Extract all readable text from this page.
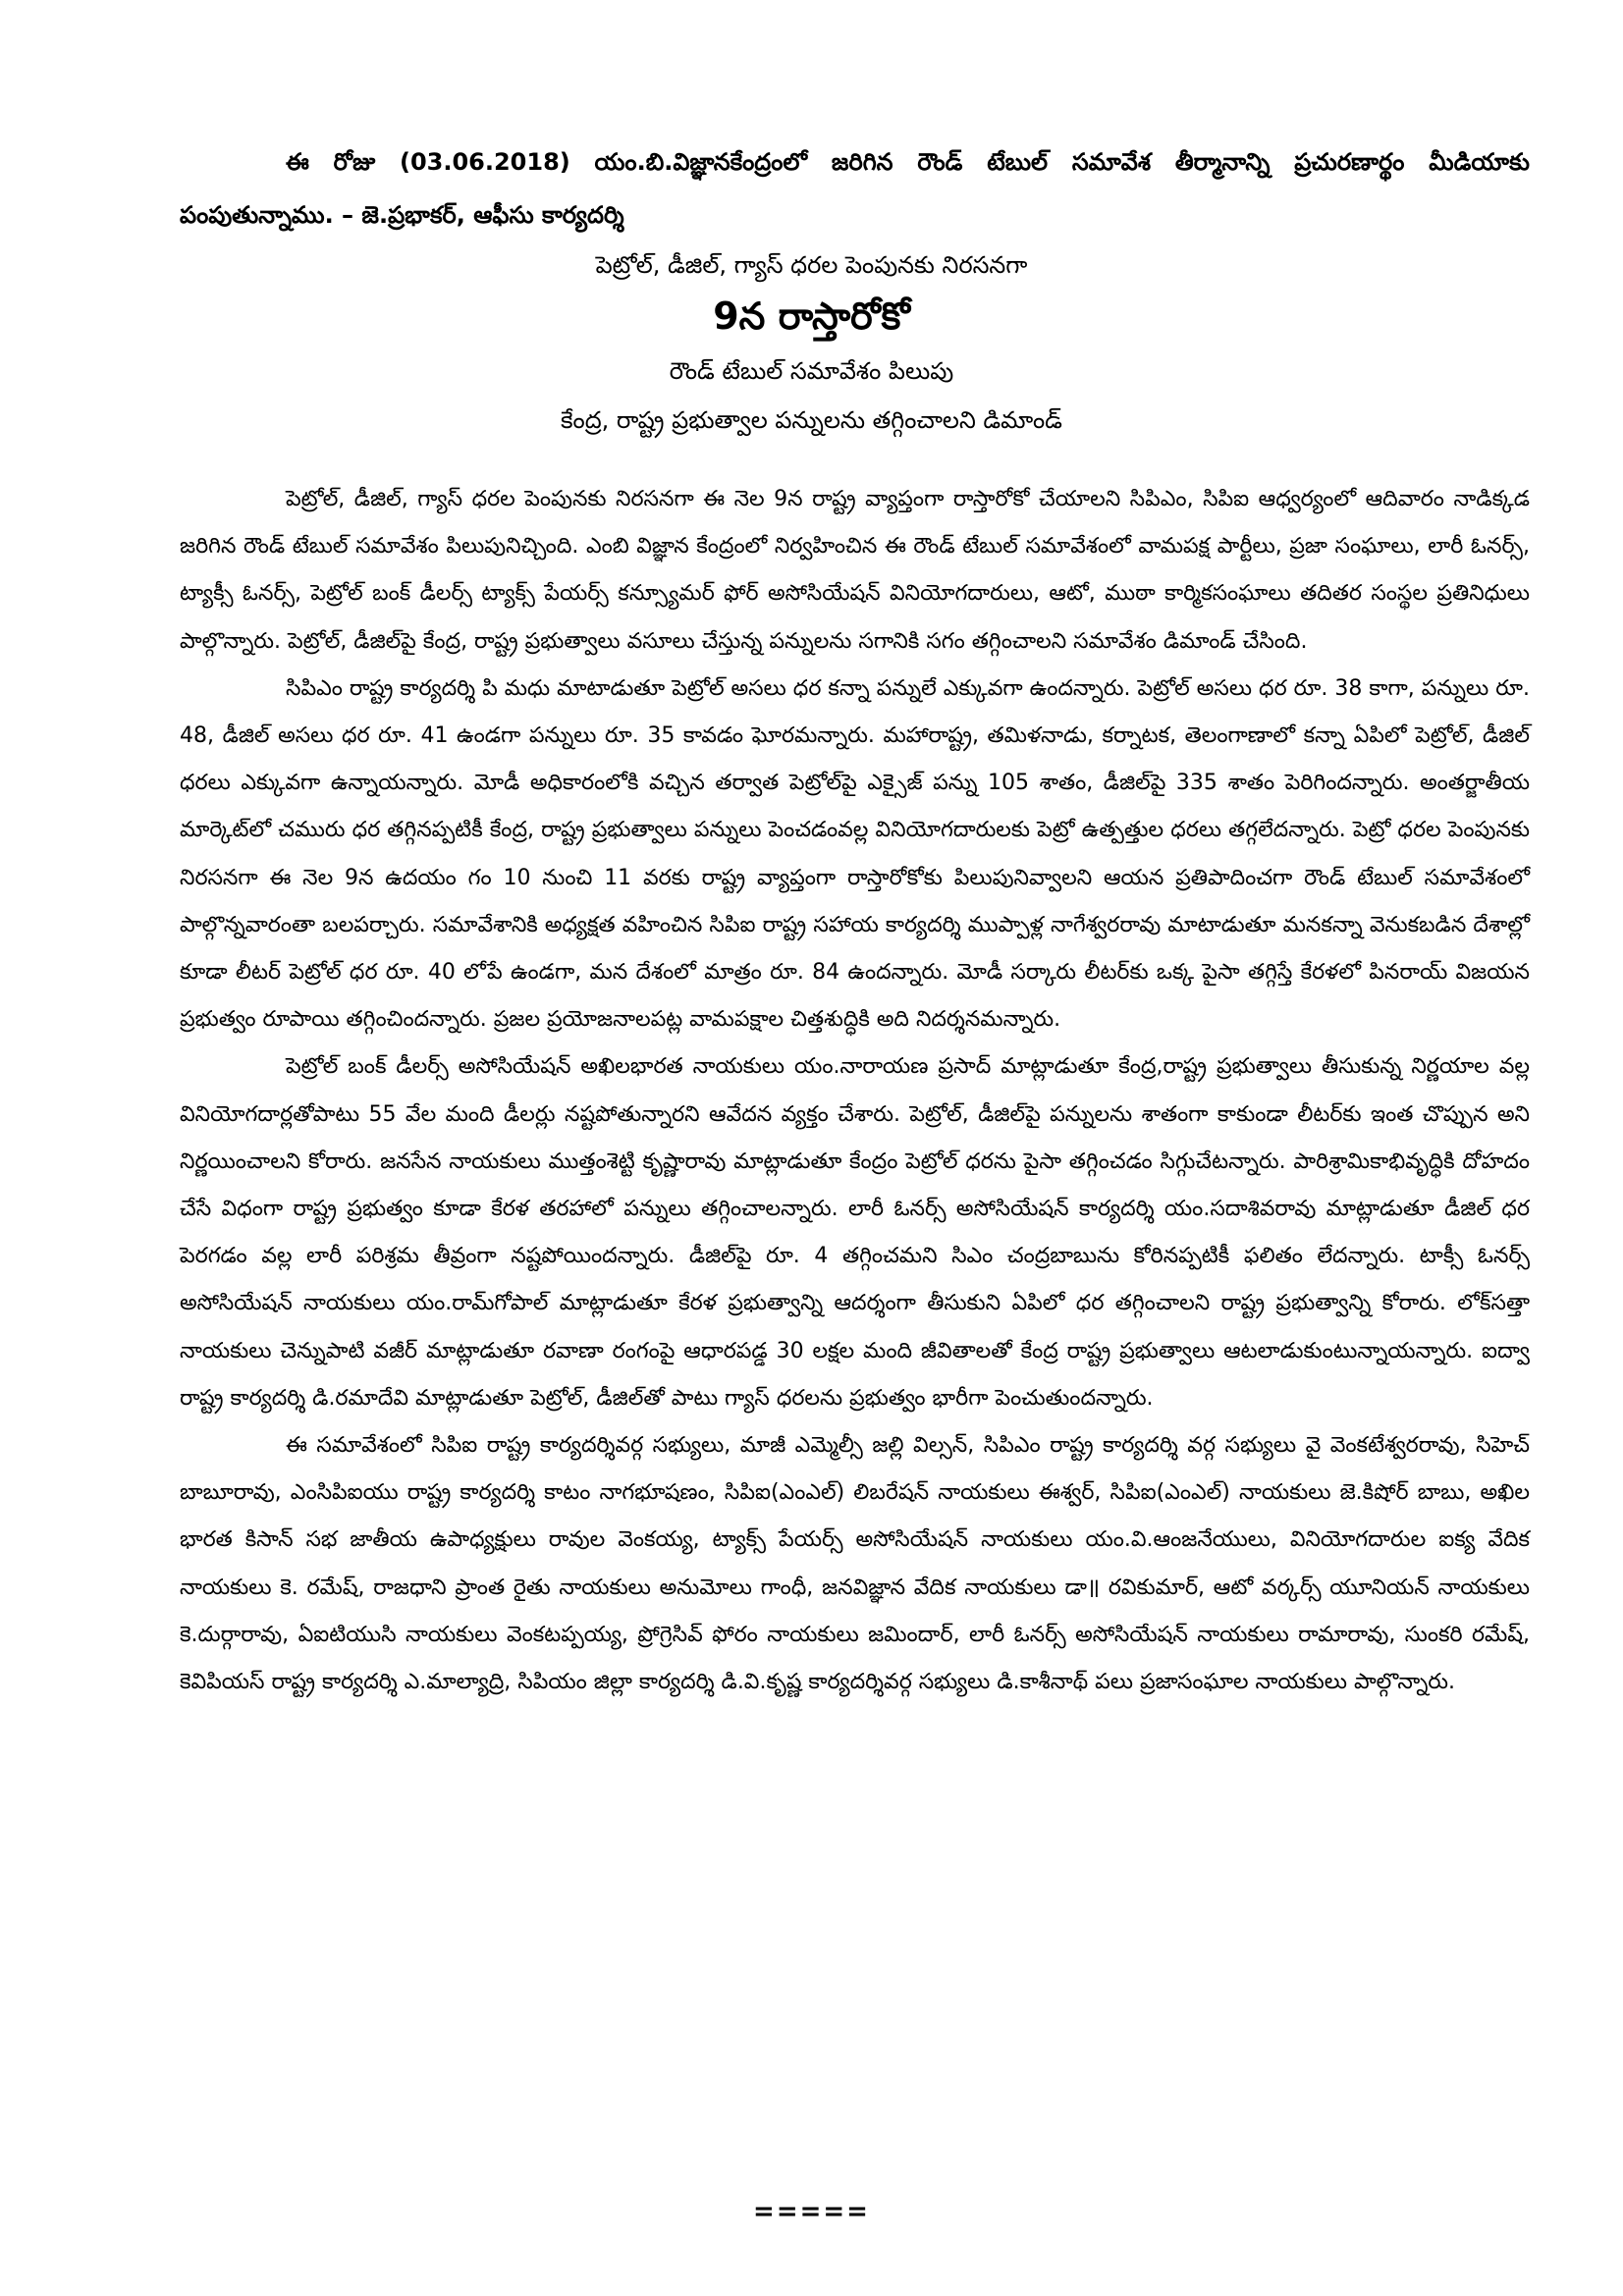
ఈ రోజు (03.06.2018) యం.బి.విజ్ఞానకేంద్రంలో జరిగిన రౌండ్ టేబుల్ సమావేశ తీర్మానాన్ని ప్రచురణార్థం మీడియాకు పంపుతున్నాము. – జె.ప్రభాకర్, ఆఫీసు కార్యదర్శి
పెట్రోల్, డీజిల్, గ్యాస్ ధరల పెంపునకు నిరసనగా
9న రాస్తారోకో
రౌండ్ టేబుల్ సమావేశం పిలుపు
కేంద్ర, రాష్ట్ర ప్రభుత్వాల పన్నులను తగ్గించాలని డిమాండ్

పెట్రోల్, డీజిల్, గ్యాస్ ధరల పెంపునకు నిరసనగా ఈ నెల 9న రాష్ట్ర వ్యాప్తంగా రాస్తారోకో చేయాలని సిపిఎం, సిపిఐ ఆధ్వర్యంలో ఆదివారం నాడిక్కడ జరిగిన రౌండ్ టేబుల్ సమావేశం పిలుపునిచ్చింది. ఎంబి విజ్ఞాన కేంద్రంలో నిర్వహించిన ఈ రౌండ్ టేబుల్ సమావేశంలో వామపక్ష పార్టీలు, ప్రజా సంఘాలు, లారీ ఓనర్స్, ట్యాక్సీ ఓనర్స్, పెట్రోల్ బంక్ డీలర్స్ ట్యాక్స్ పేయర్స్ కన్స్యూమర్ ఫోర్ అసోసియేషన్ వినియోగదారులు, ఆటో, ముఠా కార్మికసంఘాలు తదితర సంస్థల ప్రతినిధులు పాల్గొన్నారు. పెట్రోల్, డీజిల్‌పై కేంద్ర, రాష్ట్ర ప్రభుత్వాలు వసూలు చేస్తున్న పన్నులను సగానికి సగం తగ్గించాలని సమావేశం డిమాండ్ చేసింది.

సిపిఎం రాష్ట్ర కార్యదర్శి పి మధు మాటాడుతూ పెట్రోల్ అసలు ధర కన్నా పన్నులే ఎక్కువగా ఉందన్నారు. పెట్రోల్ అసలు ధర రూ. 38 కాగా, పన్నులు రూ. 48, డీజిల్ అసలు ధర రూ. 41 ఉండగా పన్నులు రూ. 35 కావడం ఘోరమన్నారు. మహారాష్ట్ర, తమిళనాడు, కర్నాటక, తెలంగాణాలో కన్నా ఏపిలో పెట్రోల్, డీజిల్ ధరలు ఎక్కువగా ఉన్నాయన్నారు. మోడీ అధికారంలోకి వచ్చిన తర్వాత పెట్రోల్‌పై ఎక్సైజ్ పన్ను 105 శాతం, డీజిల్‌పై 335 శాతం పెరిగిందన్నారు. అంతర్జాతీయ మార్కెట్‌లో చమురు ధర తగ్గినప్పటికీ కేంద్ర, రాష్ట్ర ప్రభుత్వాలు పన్నులు పెంచడంవల్ల వినియోగదారులకు పెట్రో ఉత్పత్తుల ధరలు తగ్గలేదన్నారు. పెట్రో ధరల పెంపునకు నిరసనగా ఈ నెల 9న ఉదయం గం 10 నుంచి 11 వరకు రాష్ట్ర వ్యాప్తంగా రాస్తారోకోకు పిలుపునివ్వాలని ఆయన ప్రతిపాదించగా రౌండ్ టేబుల్ సమావేశంలో పాల్గొన్నవారంతా బలపర్చారు. సమావేశానికి అధ్యక్షత వహించిన సిపిఐ రాష్ట్ర సహాయ కార్యదర్శి ముప్పాళ్ల నాగేశ్వరరావు మాటాడుతూ మనకన్నా వెనుకబడిన దేశాల్లో కూడా లీటర్ పెట్రోల్ ధర రూ. 40 లోపే ఉండగా, మన దేశంలో మాత్రం రూ. 84 ఉందన్నారు. మోడీ సర్కారు లీటర్‌కు ఒక్క పైసా తగ్గిస్తే కేరళలో పినరాయ్ విజయన ప్రభుత్వం రూపాయి తగ్గించిందన్నారు. ప్రజల ప్రయోజనాలపట్ల వామపక్షాల చిత్తశుద్ధికి అది నిదర్శనమన్నారు.

పెట్రోల్ బంక్ డీలర్స్ అసోసియేషన్ అఖిలభారత నాయకులు యం.నారాయణ ప్రసాద్ మాట్లాడుతూ కేంద్ర,రాష్ట్ర ప్రభుత్వాలు తీసుకున్న నిర్ణయాల వల్ల వినియోగదార్లతోపాటు 55 వేల మంది డీలర్లు నష్టపోతున్నారని ఆవేదన వ్యక్తం చేశారు. పెట్రోల్, డీజిల్‌పై పన్నులను శాతంగా కాకుండా లీటర్‌కు ఇంత చొప్పున అని నిర్ణయించాలని కోరారు. జనసేన నాయకులు ముత్తంశెట్టి కృష్ణారావు మాట్లాడుతూ కేంద్రం పెట్రోల్ ధరను పైసా తగ్గించడం సిగ్గుచేటన్నారు. పారిశ్రామికాభివృద్ధికి దోహదం చేసే విధంగా రాష్ట్ర ప్రభుత్వం కూడా కేరళ తరహాలో పన్నులు తగ్గించాలన్నారు. లారీ ఓనర్స్ అసోసియేషన్ కార్యదర్శి యం.సదాశివరావు మాట్లాడుతూ డీజిల్ ధర పెరగడం వల్ల లారీ పరిశ్రమ తీవ్రంగా నష్టపోయిందన్నారు. డీజిల్‌పై రూ. 4 తగ్గించమని సిఎం చంద్రబాబును కోరినప్పటికీ ఫలితం లేదన్నారు. టాక్సీ ఓనర్స్ అసోసియేషన్ నాయకులు యం.రామ్‌గోపాల్ మాట్లాడుతూ కేరళ ప్రభుత్వాన్ని ఆదర్శంగా తీసుకుని ఏపిలో ధర తగ్గించాలని రాష్ట్ర ప్రభుత్వాన్ని కోరారు. లోక్‌సత్తా నాయకులు చెన్నుపాటి వజీర్ మాట్లాడుతూ రవాణా రంగంపై ఆధారపడ్డ 30 లక్షల మంది జీవితాలతో కేంద్ర రాష్ట్ర ప్రభుత్వాలు ఆటలాడుకుంటున్నాయన్నారు. ఐద్వా రాష్ట్ర కార్యదర్శి డి.రమాదేవి మాట్లాడుతూ పెట్రోల్, డీజిల్‌తో పాటు గ్యాస్ ధరలను ప్రభుత్వం భారీగా పెంచుతుందన్నారు.

ఈ సమావేశంలో సిపిఐ రాష్ట్ర కార్యదర్శివర్గ సభ్యులు, మాజీ ఎమ్మెల్సీ జల్లి విల్సన్, సిపిఎం రాష్ట్ర కార్యదర్శి వర్గ సభ్యులు వై వెంకటేశ్వరరావు, సిహెచ్ బాబూరావు, ఎంసిపిఐయు రాష్ట్ర కార్యదర్శి కాటం నాగభూషణం, సిపిఐ(ఎంఎల్) లిబరేషన్ నాయకులు ఈశ్వర్, సిపిఐ(ఎంఎల్) నాయకులు జె.కిషోర్ బాబు, అఖిల భారత కిసాన్ సభ జాతీయ ఉపాధ్యక్షులు రావుల వెంకయ్య, ట్యాక్స్ పేయర్స్ అసోసియేషన్ నాయకులు యం.వి.ఆంజనేయులు, వినియోగదారుల ఐక్య వేదిక నాయకులు కె. రమేష్, రాజధాని ప్రాంత రైతు నాయకులు అనుమోలు గాంధీ, జనవిజ్ఞాన వేదిక నాయకులు డా॥ రవికుమార్, ఆటో వర్కర్స్ యూనియన్ నాయకులు కె.దుర్గారావు, ఏఐటియుసి నాయకులు వెంకటప్పయ్య, ప్రోగ్రెసివ్ ఫోరం నాయకులు జమిందార్, లారీ ఓనర్స్ అసోసియేషన్ నాయకులు రామారావు, సుంకరి రమేష్, కెవిపియస్ రాష్ట్ర కార్యదర్శి ఎ.మాల్యాద్రి, సిపియం జిల్లా కార్యదర్శి డి.వి.కృష్ణ కార్యదర్శివర్గ సభ్యులు డి.కాశీనాథ్ పలు ప్రజాసంఘాల నాయకులు పాల్గొన్నారు.

=====
